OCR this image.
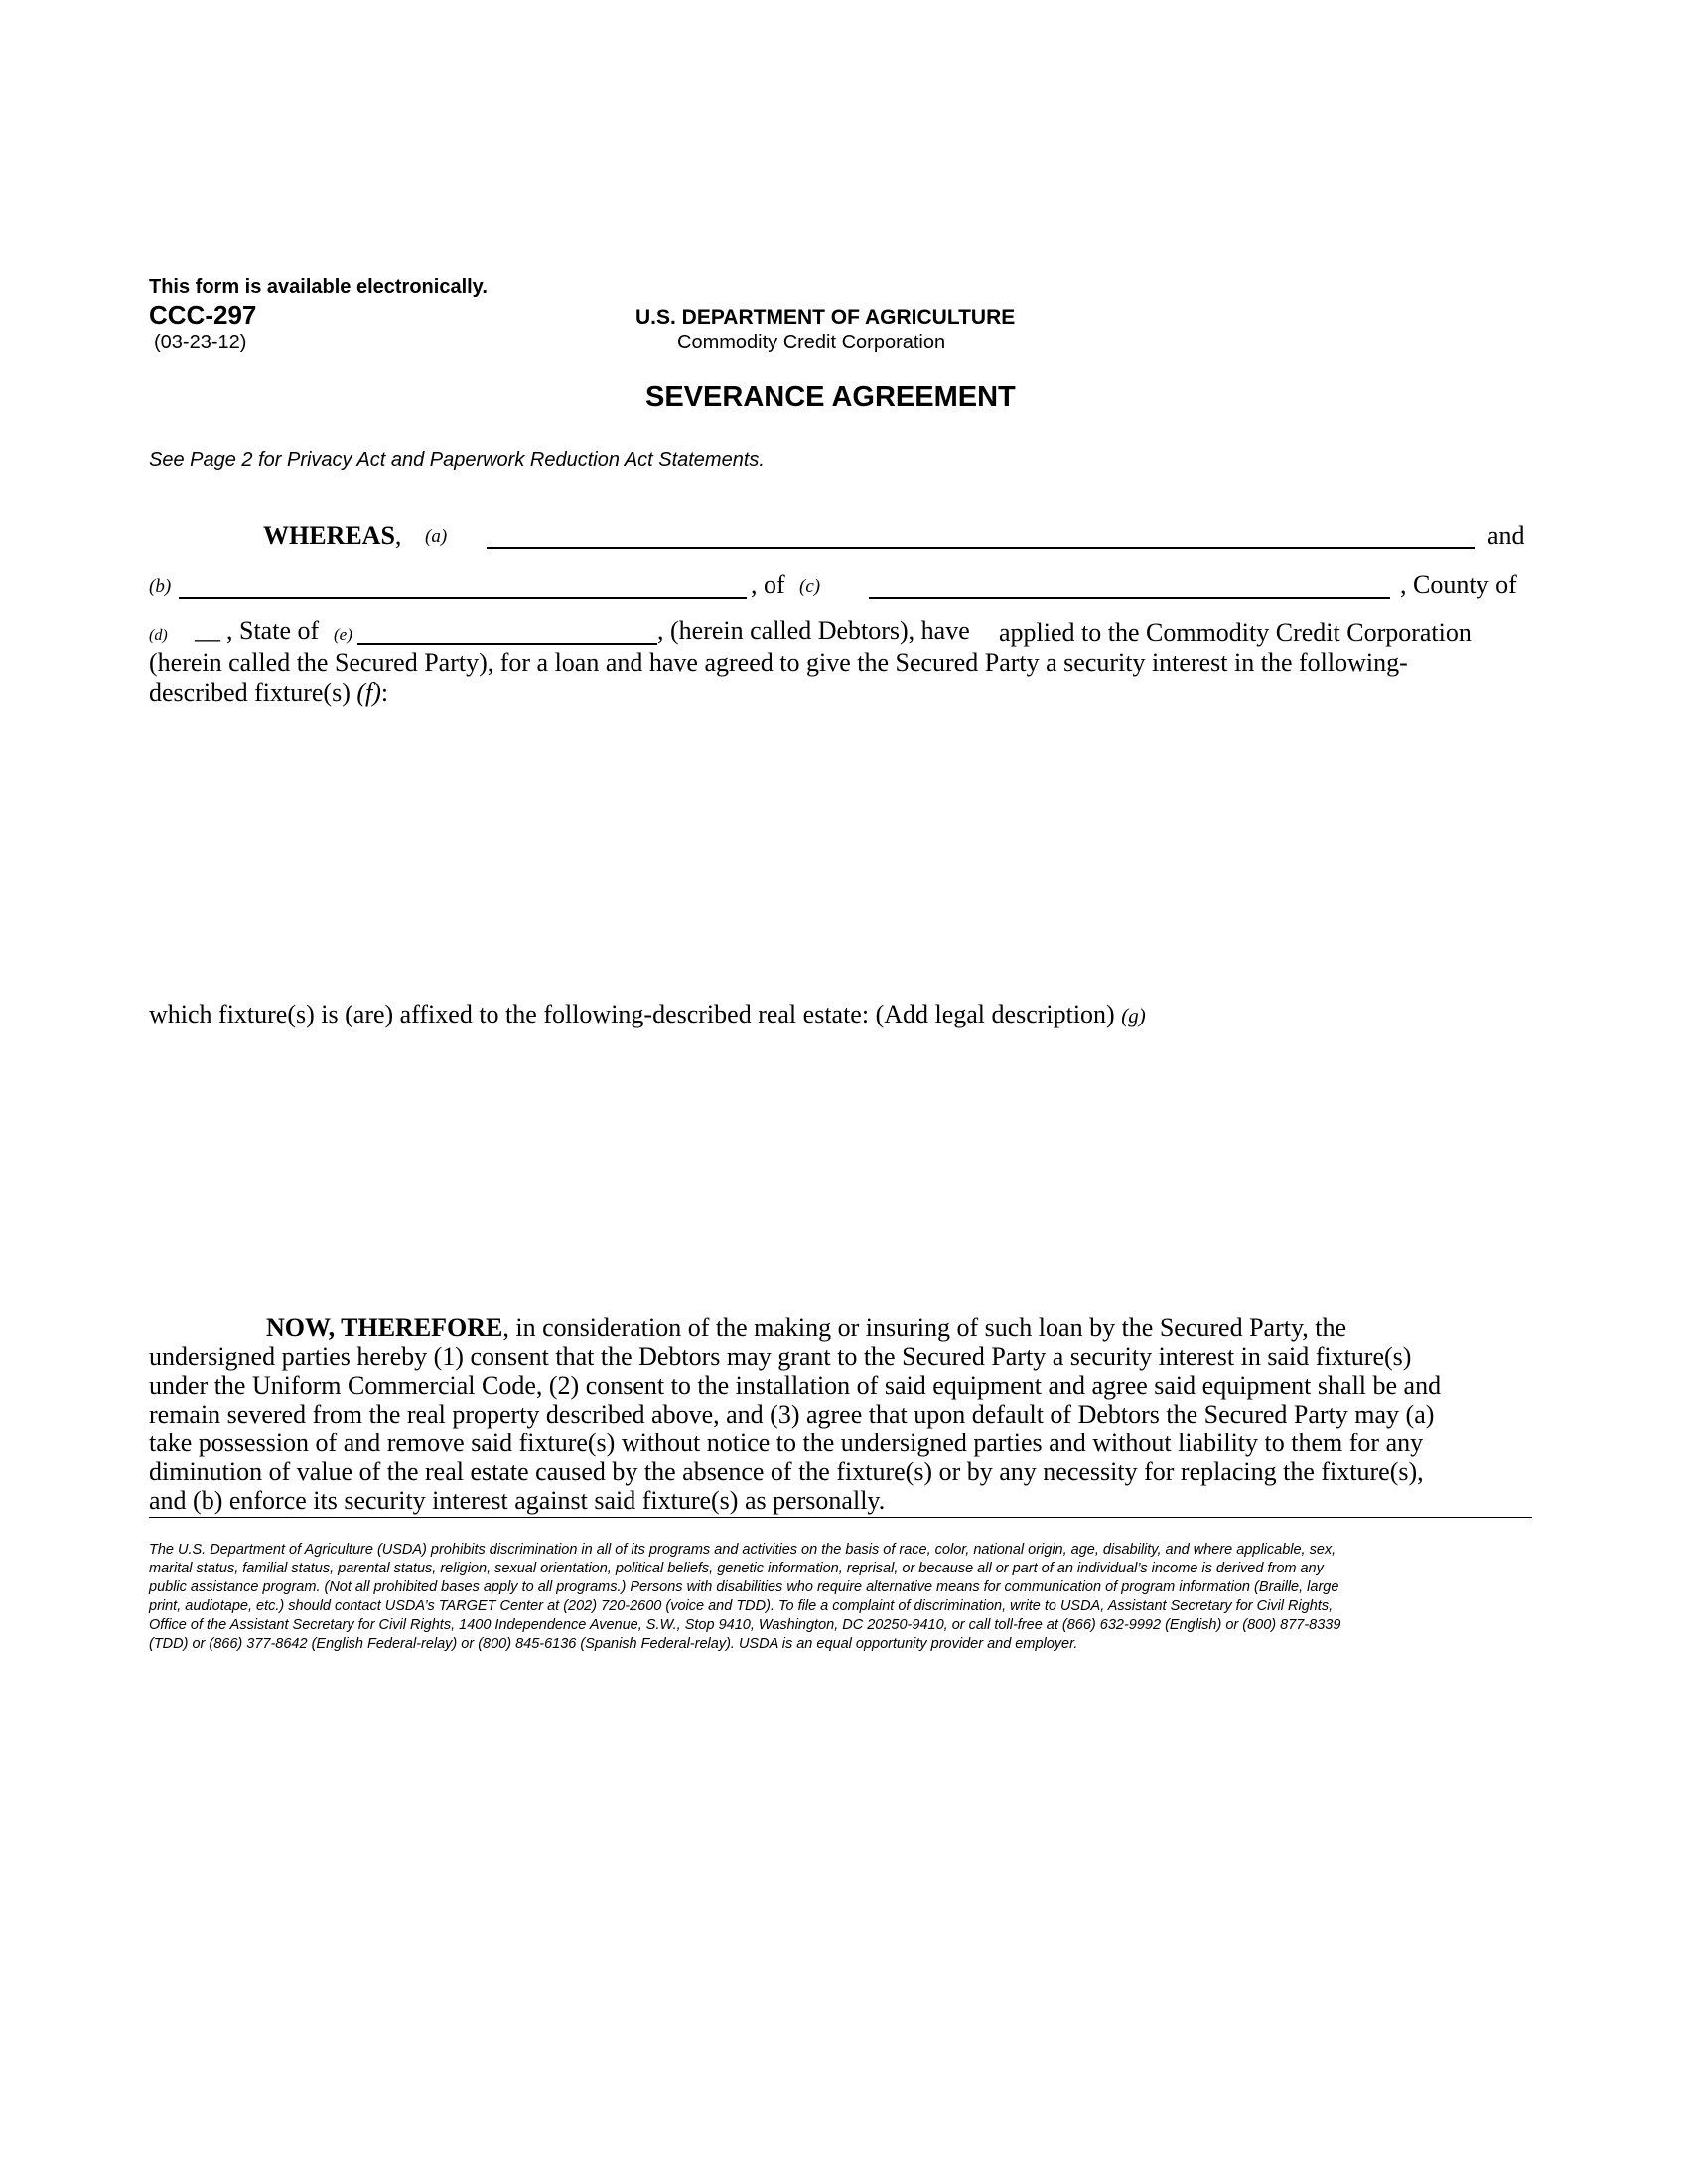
This form is available electronically.
CCC-297
(03-23-12)
U.S. DEPARTMENT OF AGRICULTURE
Commodity Credit Corporation
SEVERANCE AGREEMENT
See Page 2 for Privacy Act and Paperwork Reduction Act Statements.
WHEREAS, (a)	and
(b)	, of (c)	, County of
(d) __ , State of (e)	, (herein called Debtors), have applied to the Commodity Credit Corporation
(herein called the Secured Party), for a loan and have agreed to give the Secured Party a security interest in the following-
described fixture(s) (f):
which fixture(s) is (are) affixed to the following-described real estate: (Add legal description) (g)

NOW, THEREFORE, in consideration of the making or insuring of such loan by the Secured Party, the

undersigned parties hereby (1) consent that the Debtors may grant to the Secured Party a security interest in said fixture(s)

under the Uniform Commercial Code, (2) consent to the installation of said equipment and agree said equipment shall be and

remain severed from the real property described above, and (3) agree that upon default of Debtors the Secured Party may (a)

take possession of and remove said fixture(s) without notice to the undersigned parties and without liability to them for any

diminution of value of the real estate caused by the absence of the fixture(s) or by any necessity for replacing the fixture(s),

and (b) enforce its security interest against said fixture(s) as personally.

The U.S. Department of Agriculture (USDA) prohibits discrimination in all of its programs and activities on the basis of race, color, national origin, age, disability, and where applicable, sex,

marital status, familial status, parental status, religion, sexual orientation, political beliefs, genetic information, reprisal, or because all or part of an individual’s income is derived from any

public assistance program. (Not all prohibited bases apply to all programs.) Persons with disabilities who require alternative means for communication of program information (Braille, large

print, audiotape, etc.) should contact USDA’s TARGET Center at (202) 720-2600 (voice and TDD). To file a complaint of discrimination, write to USDA, Assistant Secretary for Civil Rights,

Office of the Assistant Secretary for Civil Rights, 1400 Independence Avenue, S.W., Stop 9410, Washington, DC 20250-9410, or call toll-free at (866) 632-9992 (English) or (800) 877-8339

(TDD) or (866) 377-8642 (English Federal-relay) or (800) 845-6136 (Spanish Federal-relay). USDA is an equal opportunity provider and employer.
